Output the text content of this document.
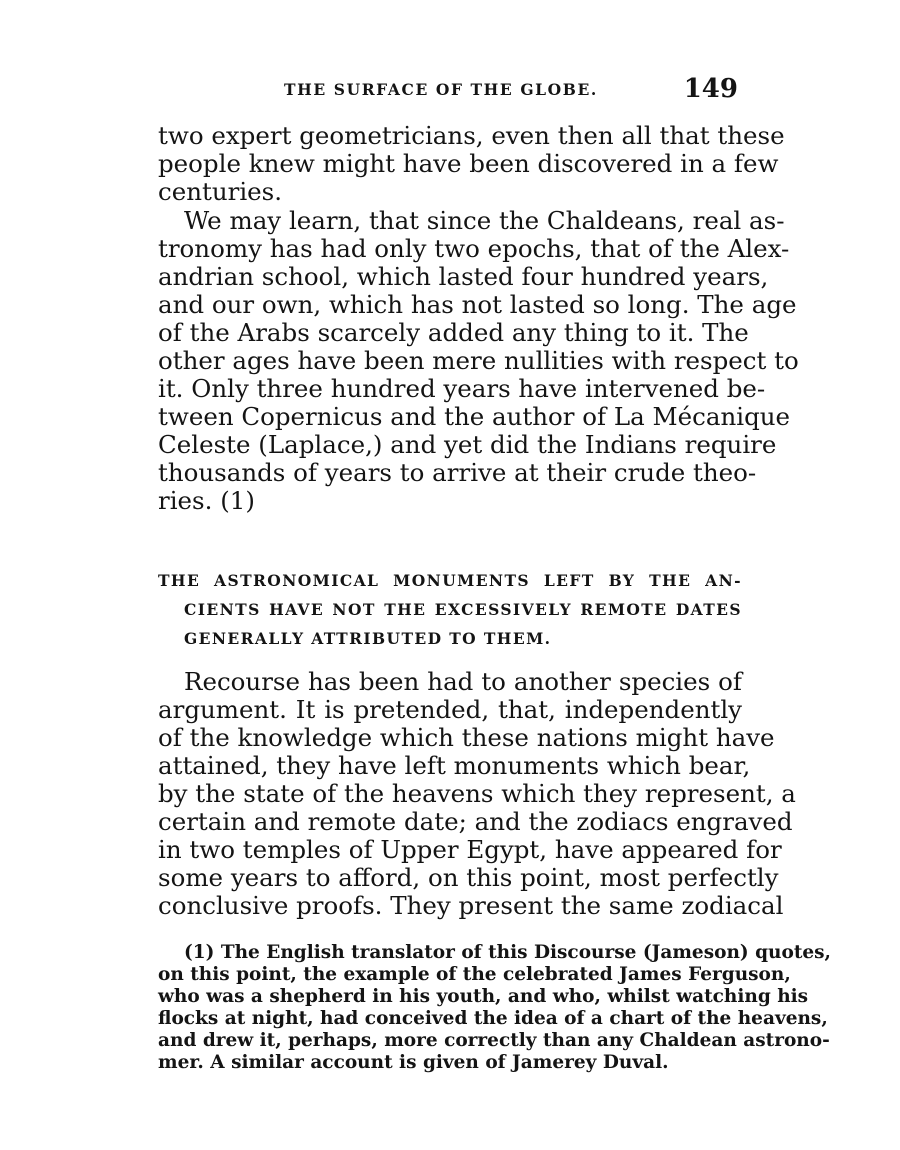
THE SURFACE OF THE GLOBE.	149
two expert geometricians, even then all that these
people knew might have been discovered in a few
centuries.
We may learn, that since the Chaldeans, real as-
tronomy has had only two epochs, that of the Alex-
andrian school, which lasted four hundred years,
and our own, which has not lasted so long. The age
of the Arabs scarcely added any thing to it. The
other ages have been mere nullities with respect to
it. Only three hundred years have intervened be-
tween Copernicus and the author of La Mécanique
Celeste (Laplace,) and yet did the Indians require
thousands of years to arrive at their crude theo-
ries. (1)
THE ASTRONOMICAL MONUMENTS LEFT BY THE AN-
CIENTS HAVE NOT THE EXCESSIVELY REMOTE DATES
GENERALLY ATTRIBUTED TO THEM.
Recourse has been had to another species of
argument. It is pretended, that, independently
of the knowledge which these nations might have
attained, they have left monuments which bear,
by the state of the heavens which they represent, a
certain and remote date; and the zodiacs engraved
in two temples of Upper Egypt, have appeared for
some years to afford, on this point, most perfectly
conclusive proofs. They present the same zodiacal
(1) The English translator of this Discourse (Jameson) quotes,
on this point, the example of the celebrated James Ferguson,
who was a shepherd in his youth, and who, whilst watching his
flocks at night, had conceived the idea of a chart of the heavens,
and drew it, perhaps, more correctly than any Chaldean astrono-
mer. A similar account is given of Jamerey Duval.
